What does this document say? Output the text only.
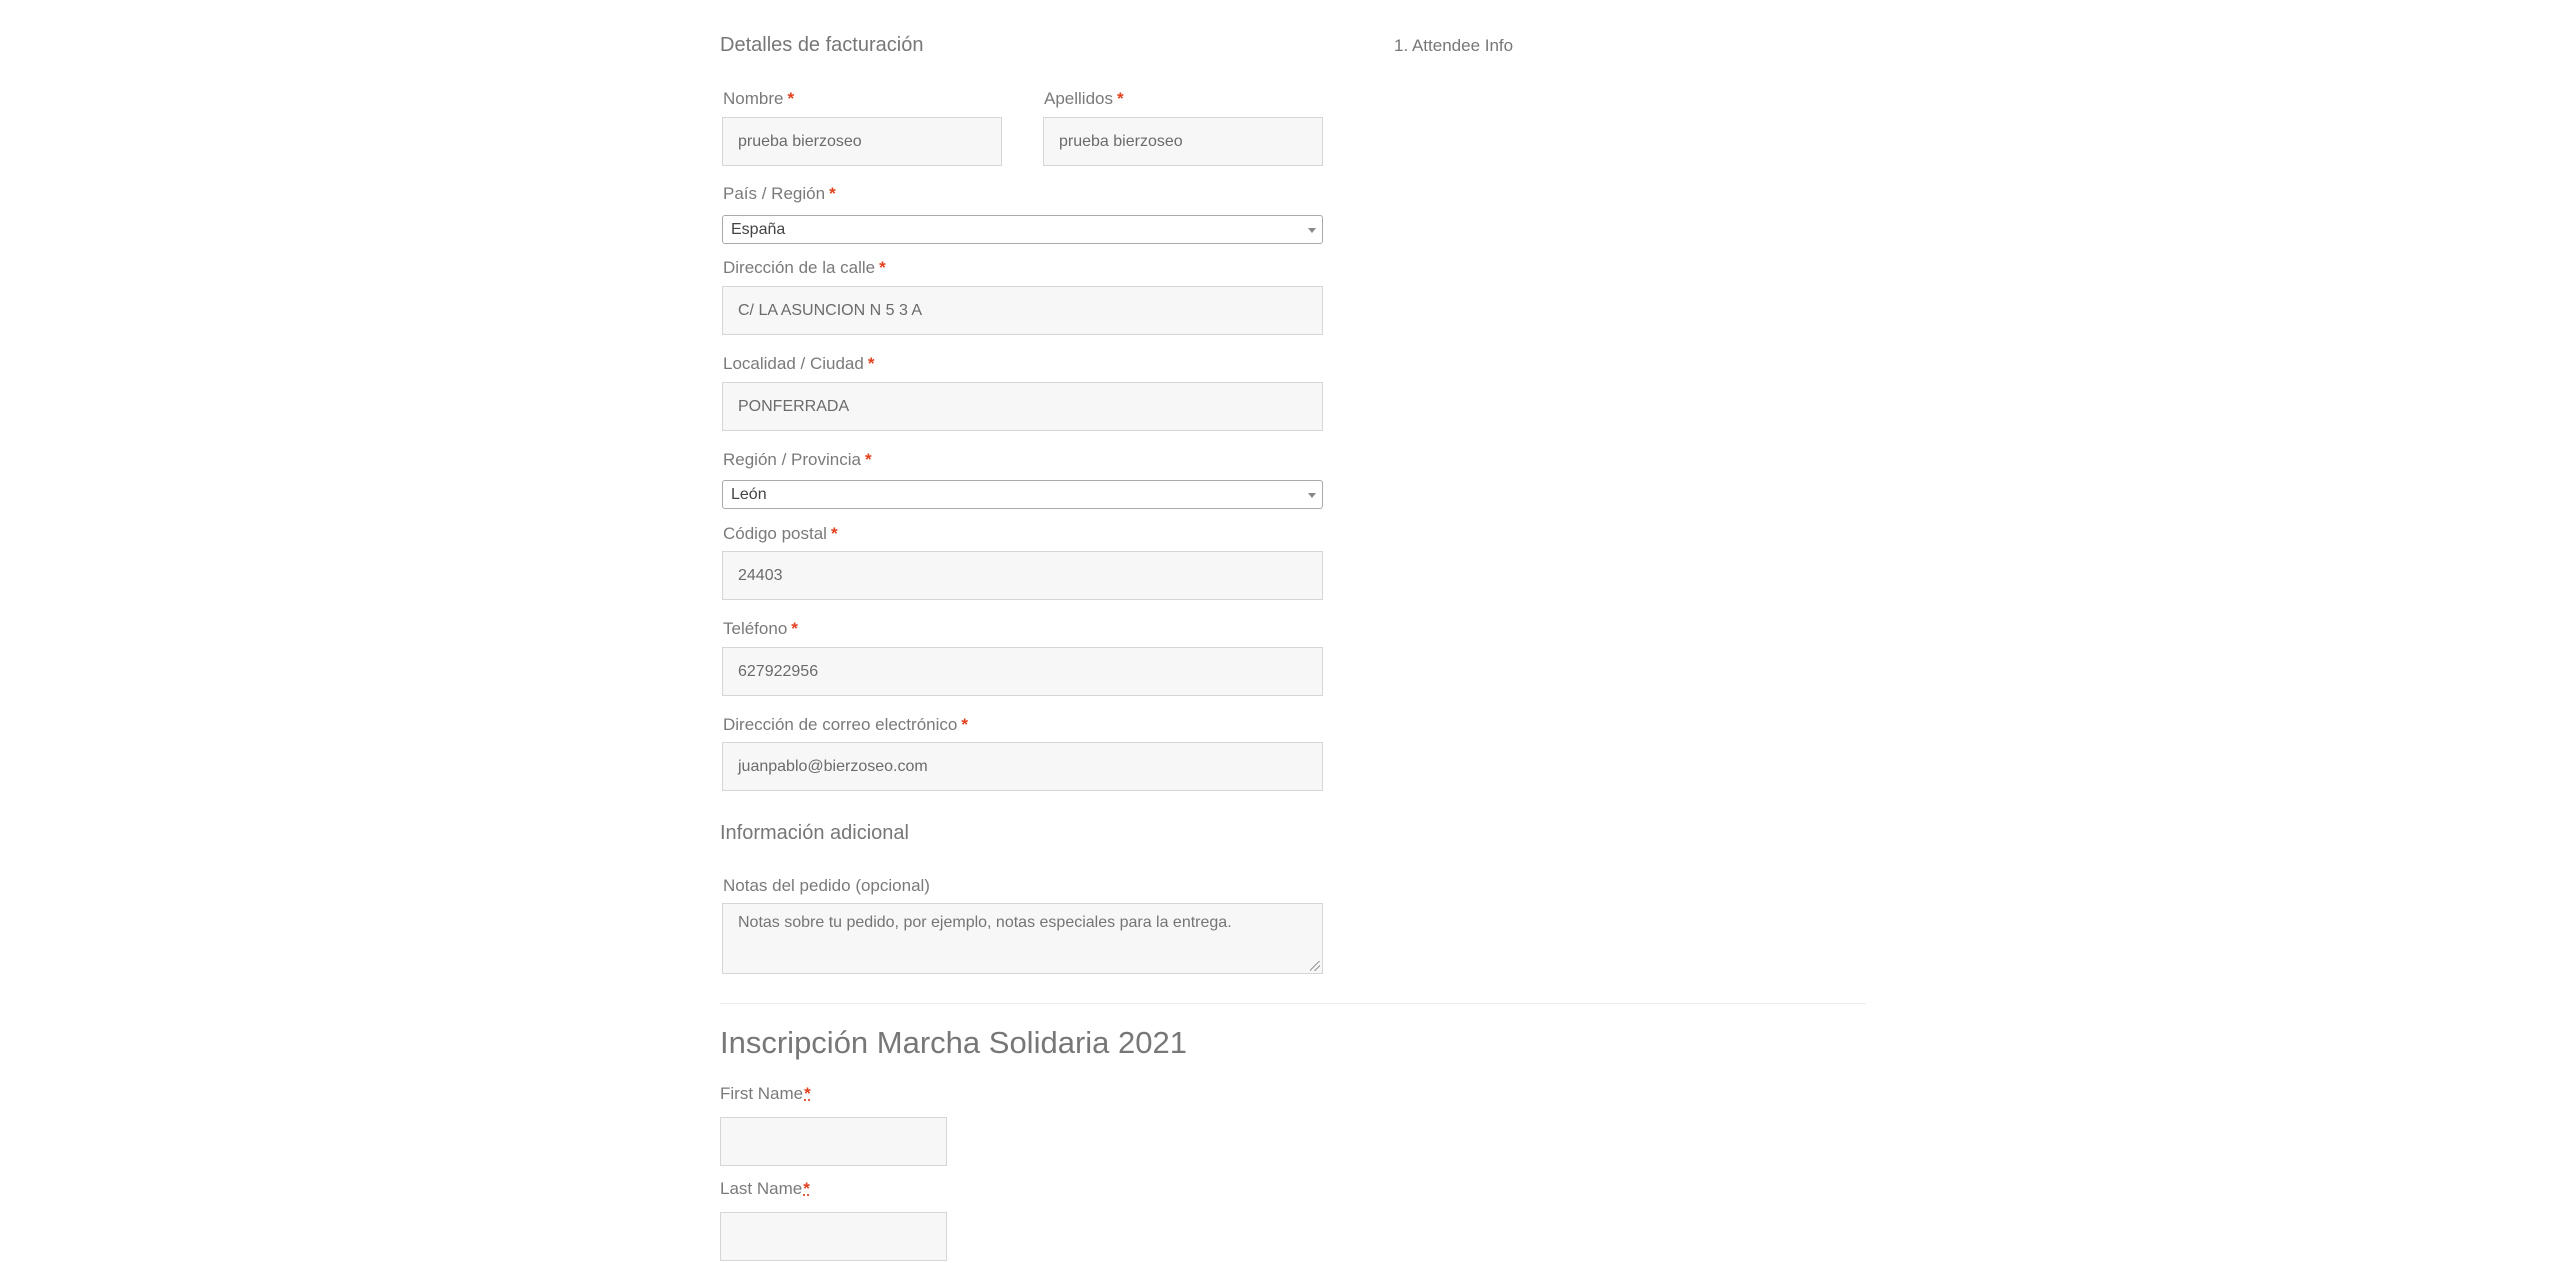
Detalles de facturación	1. Attendee Info
Nombre *
prueba bierzoseo
Apellidos *
prueba bierzoseo
País / Región *
España
Dirección de la calle *
C/ LA ASUNCION N 5 3 A
Localidad / Ciudad *
PONFERRADA
Región / Provincia *
León
Código postal *
24403
Teléfono *
627922956
Dirección de correo electrónico *
juanpablo@bierzoseo.com
Información adicional
Notas del pedido (opcional)
Notas sobre tu pedido, por ejemplo, notas especiales para la entrega.
Inscripción Marcha Solidaria 2021
First Name*
Last Name*
